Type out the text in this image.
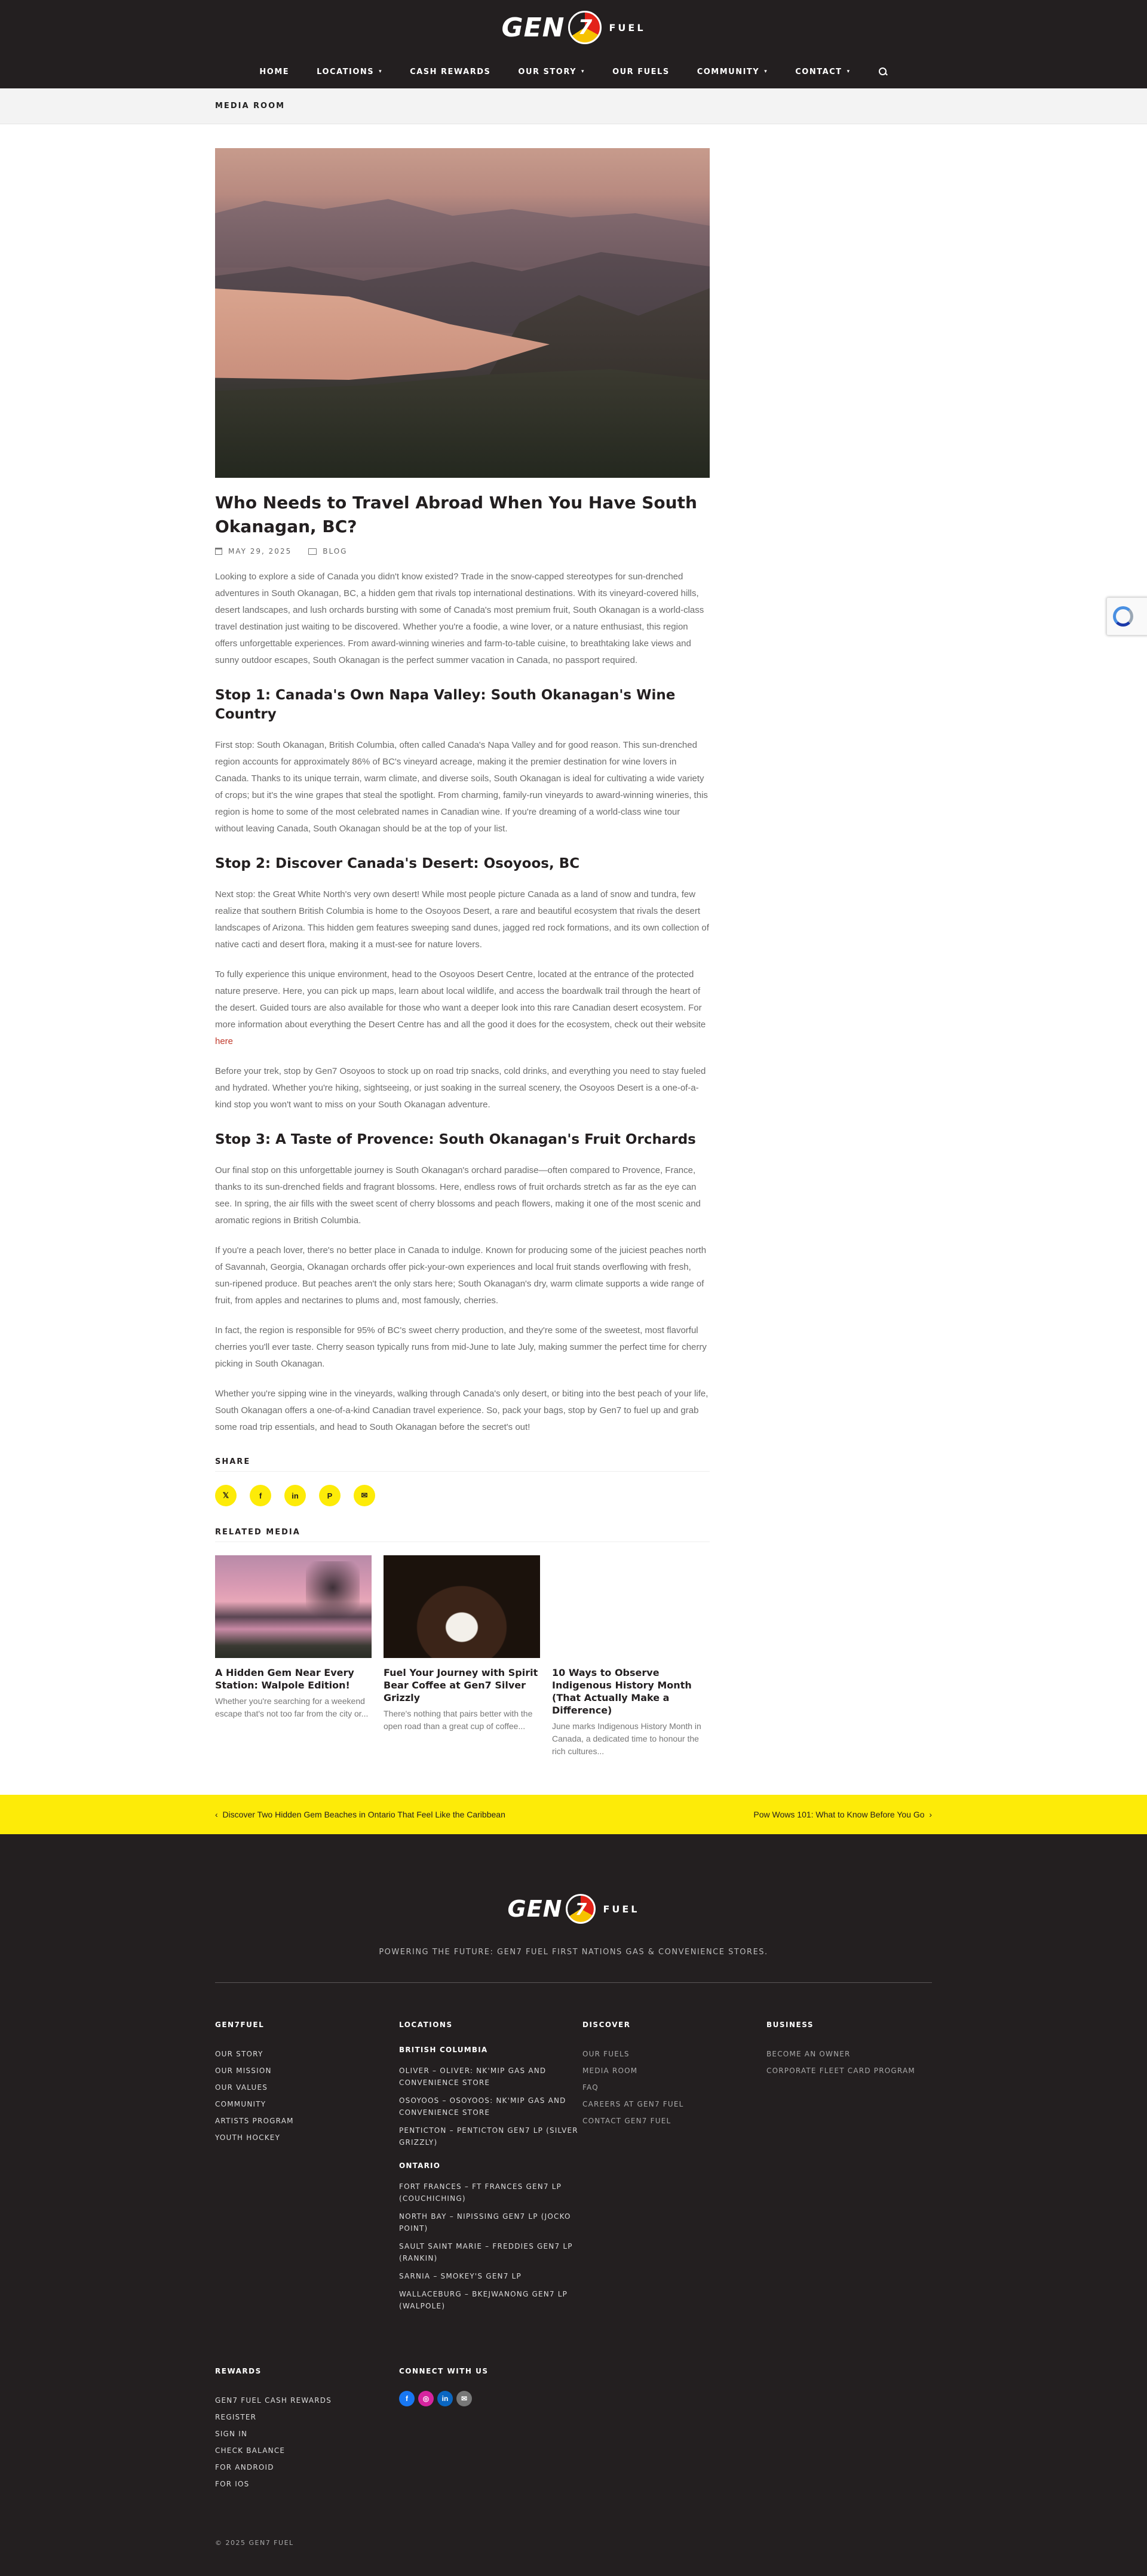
GEN 7 FUEL
HOME	LOCATIONS ▾	CASH REWARDS	OUR STORY ▾	OUR FUELS	COMMUNITY ▾	CONTACT ▾
MEDIA ROOM
Who Needs to Travel Abroad When You Have South Okanagan, BC?
MAY 29, 2025	BLOG

Looking to explore a side of Canada you didn't know existed? Trade in the snow-capped stereotypes for sun-drenched adventures in South Okanagan, BC, a hidden gem that rivals top international destinations. With its vineyard-covered hills, desert landscapes, and lush orchards bursting with some of Canada's most premium fruit, South Okanagan is a world-class travel destination just waiting to be discovered. Whether you're a foodie, a wine lover, or a nature enthusiast, this region offers unforgettable experiences. From award-winning wineries and farm-to-table cuisine, to breathtaking lake views and sunny outdoor escapes, South Okanagan is the perfect summer vacation in Canada, no passport required.

Stop 1: Canada's Own Napa Valley: South Okanagan's Wine Country

First stop: South Okanagan, British Columbia, often called Canada's Napa Valley and for good reason. This sun-drenched region accounts for approximately 86% of BC's vineyard acreage, making it the premier destination for wine lovers in Canada. Thanks to its unique terrain, warm climate, and diverse soils, South Okanagan is ideal for cultivating a wide variety of crops; but it's the wine grapes that steal the spotlight. From charming, family-run vineyards to award-winning wineries, this region is home to some of the most celebrated names in Canadian wine. If you're dreaming of a world-class wine tour without leaving Canada, South Okanagan should be at the top of your list.

Stop 2: Discover Canada's Desert: Osoyoos, BC

Next stop: the Great White North's very own desert! While most people picture Canada as a land of snow and tundra, few realize that southern British Columbia is home to the Osoyoos Desert, a rare and beautiful ecosystem that rivals the desert landscapes of Arizona. This hidden gem features sweeping sand dunes, jagged red rock formations, and its own collection of native cacti and desert flora, making it a must-see for nature lovers.

To fully experience this unique environment, head to the Osoyoos Desert Centre, located at the entrance of the protected nature preserve. Here, you can pick up maps, learn about local wildlife, and access the boardwalk trail through the heart of the desert. Guided tours are also available for those who want a deeper look into this rare Canadian desert ecosystem. For more information about everything the Desert Centre has and all the good it does for the ecosystem, check out their website here

Before your trek, stop by Gen7 Osoyoos to stock up on road trip snacks, cold drinks, and everything you need to stay fueled and hydrated. Whether you're hiking, sightseeing, or just soaking in the surreal scenery, the Osoyoos Desert is a one-of-a-kind stop you won't want to miss on your South Okanagan adventure.

Stop 3: A Taste of Provence: South Okanagan's Fruit Orchards

Our final stop on this unforgettable journey is South Okanagan's orchard paradise—often compared to Provence, France, thanks to its sun-drenched fields and fragrant blossoms. Here, endless rows of fruit orchards stretch as far as the eye can see. In spring, the air fills with the sweet scent of cherry blossoms and peach flowers, making it one of the most scenic and aromatic regions in British Columbia.

If you're a peach lover, there's no better place in Canada to indulge. Known for producing some of the juiciest peaches north of Savannah, Georgia, Okanagan orchards offer pick-your-own experiences and local fruit stands overflowing with fresh, sun-ripened produce. But peaches aren't the only stars here; South Okanagan's dry, warm climate supports a wide range of fruit, from apples and nectarines to plums and, most famously, cherries.

In fact, the region is responsible for 95% of BC's sweet cherry production, and they're some of the sweetest, most flavorful cherries you'll ever taste. Cherry season typically runs from mid-June to late July, making summer the perfect time for cherry picking in South Okanagan.

Whether you're sipping wine in the vineyards, walking through Canada's only desert, or biting into the best peach of your life, South Okanagan offers a one-of-a-kind Canadian travel experience. So, pack your bags, stop by Gen7 to fuel up and grab some road trip essentials, and head to South Okanagan before the secret's out!

SHARE
𝕏	f	in	P	✉
RELATED MEDIA
A Hidden Gem Near Every Station: Walpole Edition!
Whether you're searching for a weekend escape that's not too far from the city or...
Fuel Your Journey with Spirit Bear Coffee at Gen7 Silver Grizzly
There's nothing that pairs better with the open road than a great cup of coffee...
10 Ways to Observe Indigenous History Month (That Actually Make a Difference)
June marks Indigenous History Month in Canada, a dedicated time to honour the rich cultures...
‹  Discover Two Hidden Gem Beaches in Ontario That Feel Like the Caribbean	Pow Wows 101: What to Know Before You Go  ›
GEN 7 FUEL
POWERING THE FUTURE: GEN7 FUEL FIRST NATIONS GAS & CONVENIENCE STORES.
GEN7FUEL
OUR STORY
OUR MISSION
OUR VALUES
COMMUNITY
ARTISTS PROGRAM
YOUTH HOCKEY
LOCATIONS
BRITISH COLUMBIA
OLIVER – OLIVER: NK'MIP GAS AND CONVENIENCE STORE
OSOYOOS – OSOYOOS: NK'MIP GAS AND CONVENIENCE STORE
PENTICTON – PENTICTON GEN7 LP (SILVER GRIZZLY)
ONTARIO
FORT FRANCES – FT FRANCES GEN7 LP (COUCHICHING)
NORTH BAY – NIPISSING GEN7 LP (JOCKO POINT)
SAULT SAINT MARIE – FREDDIES GEN7 LP (RANKIN)
SARNIA – SMOKEY'S GEN7 LP
WALLACEBURG – BKEJWANONG GEN7 LP (WALPOLE)
DISCOVER
OUR FUELS
MEDIA ROOM
FAQ
CAREERS AT GEN7 FUEL
CONTACT GEN7 FUEL
BUSINESS
BECOME AN OWNER
CORPORATE FLEET CARD PROGRAM
REWARDS
GEN7 FUEL CASH REWARDS
REGISTER
SIGN IN
CHECK BALANCE
FOR ANDROID
FOR IOS
CONNECT WITH US
f ◎ in ✉
© 2025 GEN7 FUEL
